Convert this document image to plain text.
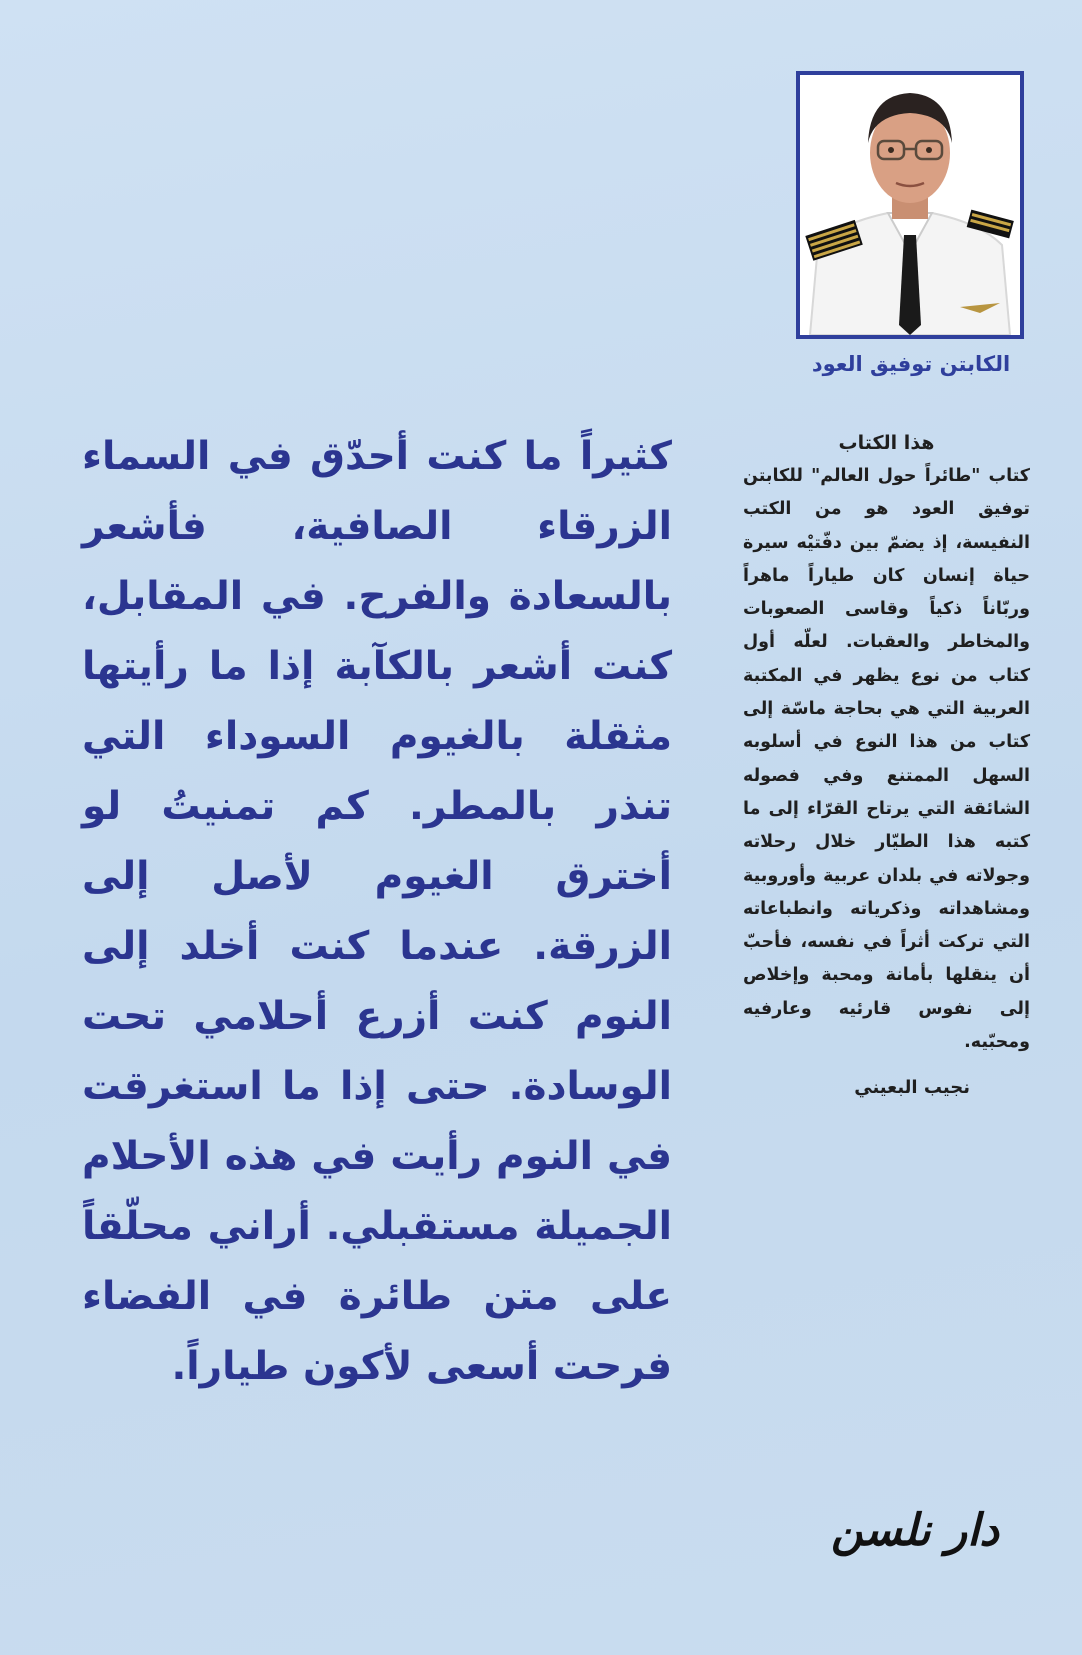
الكابتن توفيق العود

كثيراً ما كنت أحدّق في السماء الزرقاء الصافية، فأشعر بالسعادة والفرح. في المقابل، كنت أشعر بالكآبة إذا ما رأيتها مثقلة بالغيوم السوداء التي تنذر بالمطر. كم تمنيتُ لو أخترق الغيوم لأصل إلى الزرقة. عندما كنت أخلد إلى النوم كنت أزرع أحلامي تحت الوسادة. حتى إذا ما استغرقت في النوم رأيت في هذه الأحلام الجميلة مستقبلي. أراني محلّقاً على متن طائرة في الفضاء فرحت أسعى لأكون طياراً.

هذا الكتاب

كتاب "طائراً حول العالم" للكابتن توفيق العود هو من الكتب النفيسة، إذ يضمّ بين دفّتيْه سيرة حياة إنسان كان طياراً ماهراً وربّاناً ذكياً وقاسى الصعوبات والمخاطر والعقبات. لعلّه أول كتاب من نوع يظهر في المكتبة العربية التي هي بحاجة ماسّة إلى كتاب من هذا النوع في أسلوبه السهل الممتنع وفي فصوله الشائقة التي يرتاح القرّاء إلى ما كتبه هذا الطيّار خلال رحلاته وجولاته في بلدان عربية وأوروبية ومشاهداته وذكرياته وانطباعاته التي تركت أثراً في نفسه، فأحبّ أن ينقلها بأمانة ومحبة وإخلاص إلى نفوس قارئيه وعارفيه ومحبّيه.

نجيب البعيني

دار نلسن
